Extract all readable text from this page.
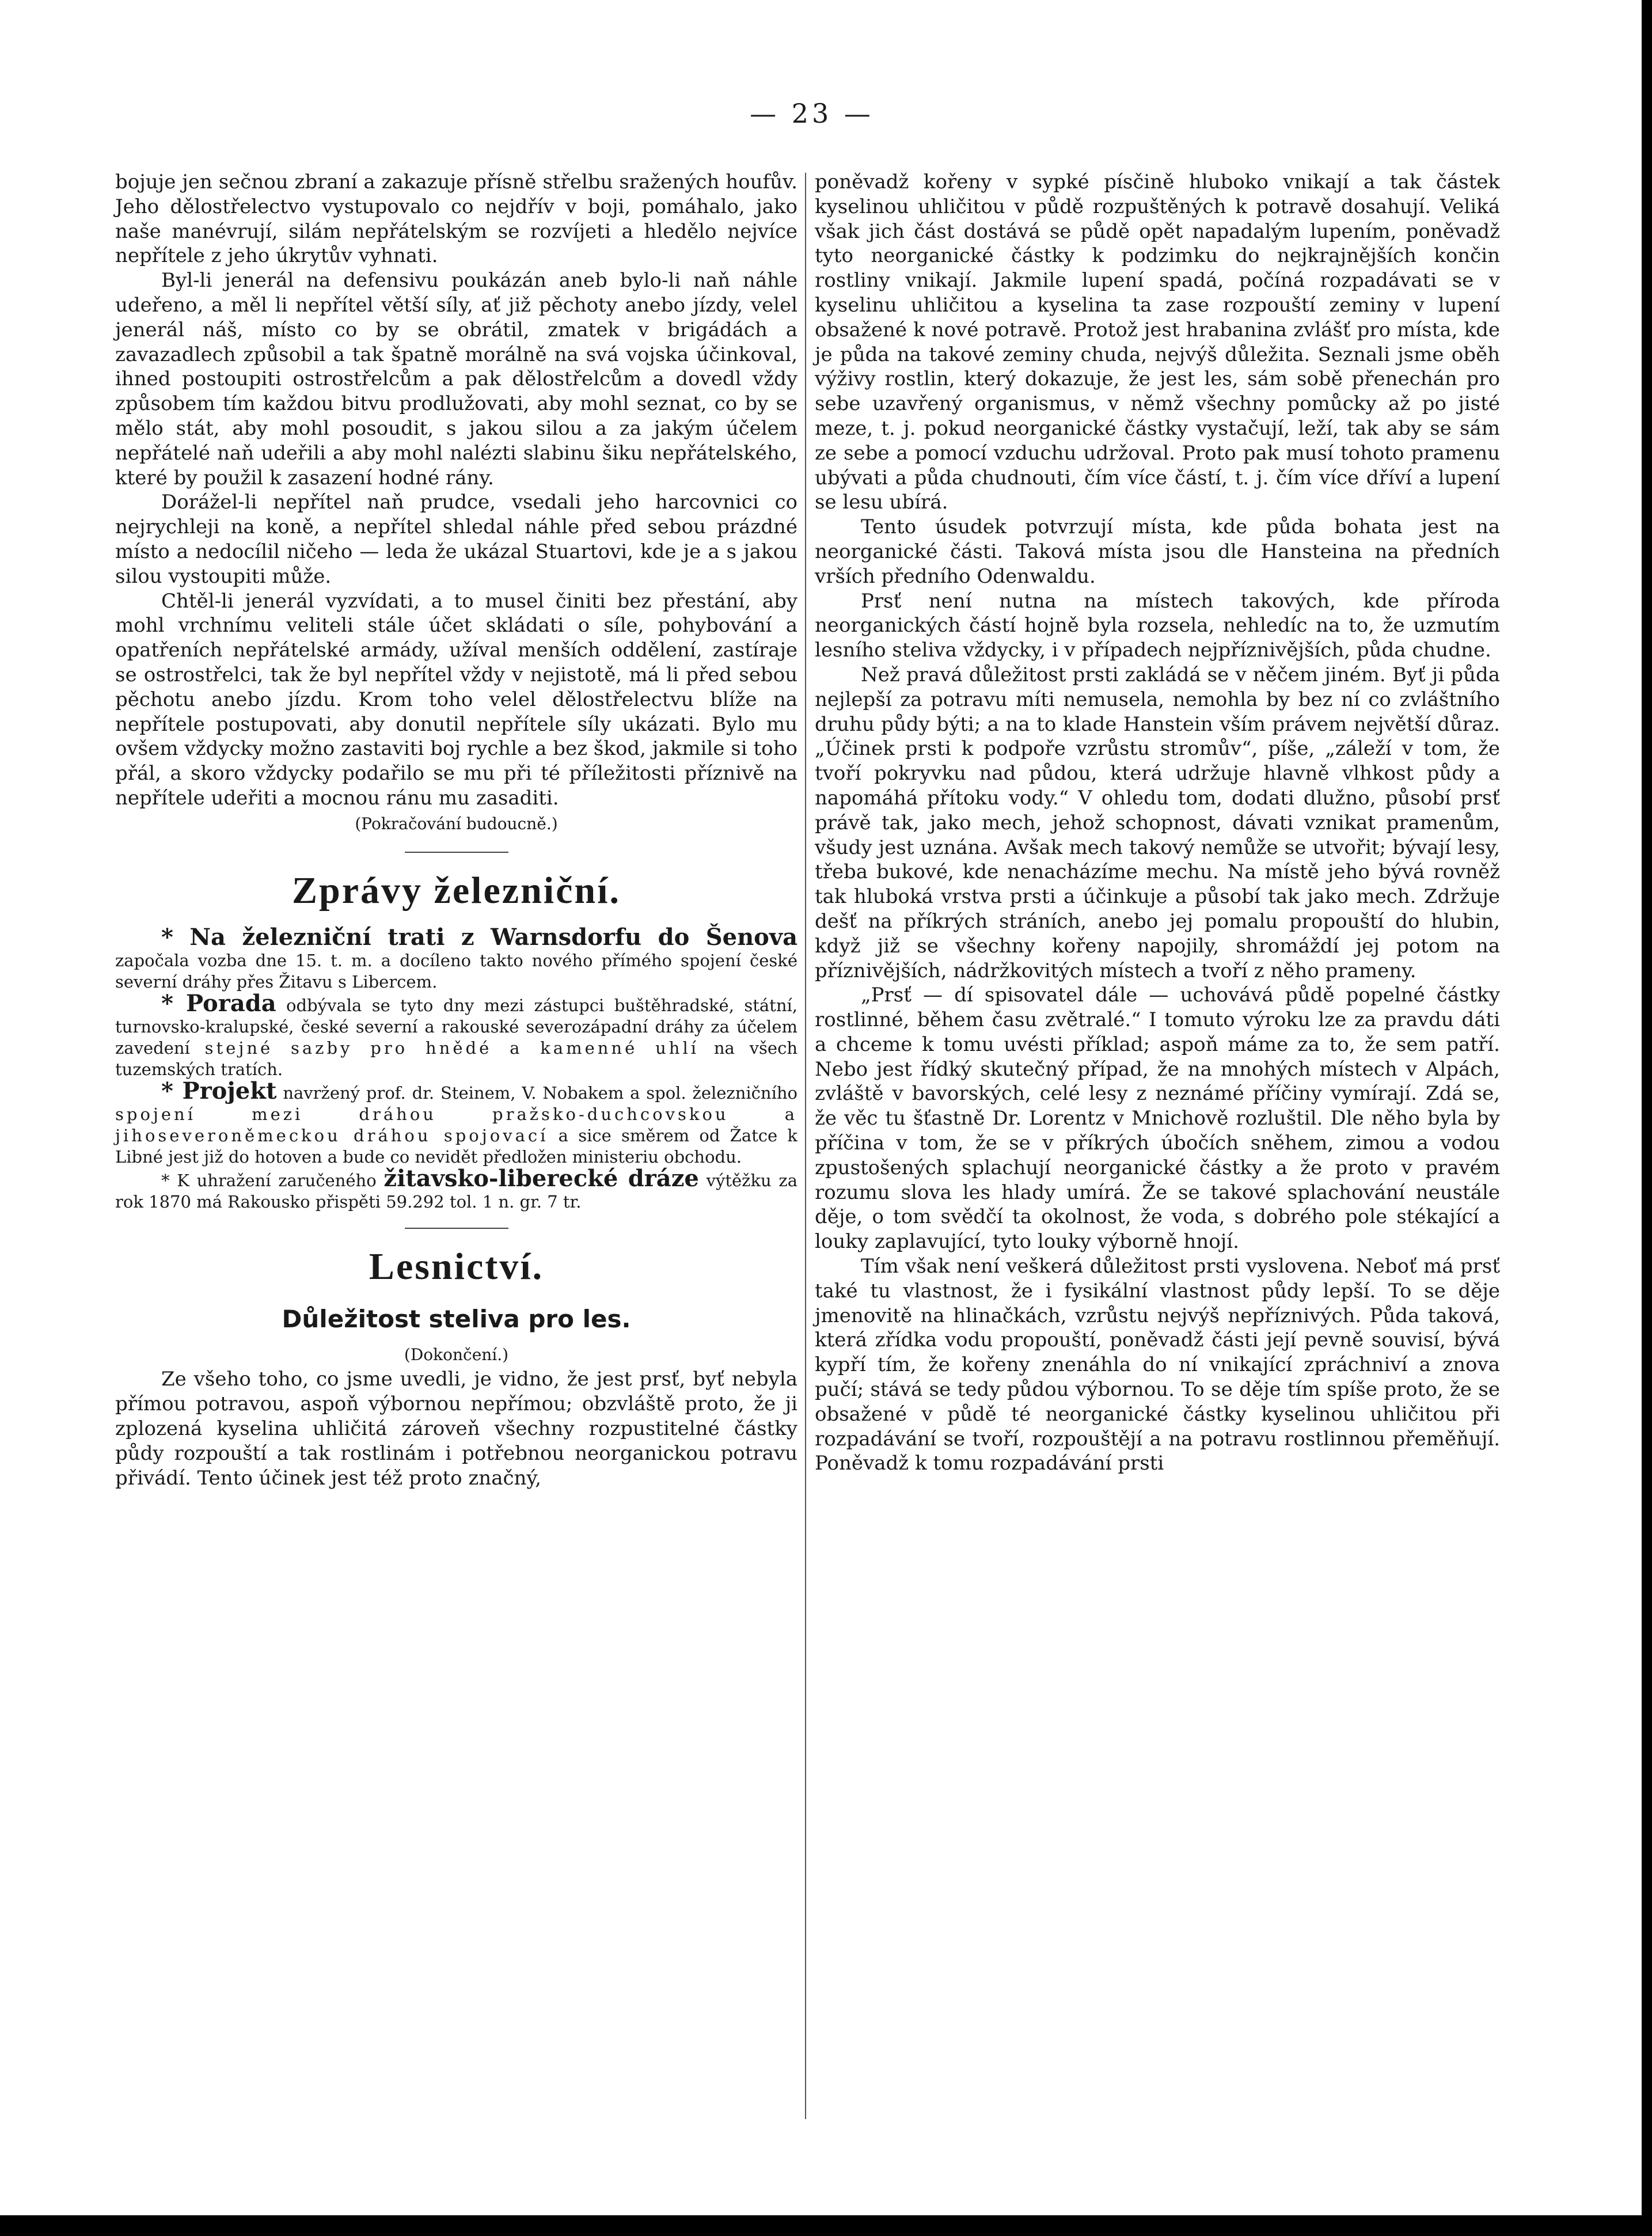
— 23 —

bojuje jen sečnou zbraní a zakazuje přísně střelbu sražených houfův. Jeho dělostřelectvo vystupovalo co nejdřív v boji, pomáhalo, jako naše manévrují, silám nepřátelským se rozvíjeti a hledělo nejvíce nepřítele z jeho úkrytův vyhnati.

Byl-li jenerál na defensivu poukázán aneb bylo-li naň náhle udeřeno, a měl li nepřítel větší síly, ať již pěchoty anebo jízdy, velel jenerál náš, místo co by se obrátil, zmatek v brigádách a zavazadlech způsobil a tak špatně morálně na svá vojska účinkoval, ihned postoupiti ostrostřelcům a pak dělostřelcům a dovedl vždy způsobem tím každou bitvu prodlužovati, aby mohl seznat, co by se mělo stát, aby mohl posoudit, s jakou silou a za jakým účelem nepřátelé naň udeřili a aby mohl nalézti slabinu šiku nepřátelského, které by použil k zasazení hodné rány.

Dorážel-li nepřítel naň prudce, vsedali jeho harcovnici co nejrychleji na koně, a nepřítel shledal náhle před sebou prázdné místo a nedocílil ničeho — leda že ukázal Stuartovi, kde je a s jakou silou vystoupiti může.

Chtěl-li jenerál vyzvídati, a to musel činiti bez přestání, aby mohl vrchnímu veliteli stále účet skládati o síle, pohybování a opatřeních nepřátelské armády, užíval menších oddělení, zastíraje se ostrostřelci, tak že byl nepřítel vždy v nejistotě, má li před sebou pěchotu anebo jízdu. Krom toho velel dělostřelectvu blíže na nepřítele postupovati, aby donutil nepřítele síly ukázati. Bylo mu ovšem vždycky možno zastaviti boj rychle a bez škod, jakmile si toho přál, a skoro vždycky podařilo se mu při té příležitosti příznivě na nepřítele udeřiti a mocnou ránu mu zasaditi.

(Pokračování budoucně.)

Zprávy železniční.

* Na železniční trati z Warnsdorfu do Šenova započala vozba dne 15. t. m. a docíleno takto nového přímého spojení české severní dráhy přes Žitavu s Libercem.

* Porada odbývala se tyto dny mezi zástupci buštěhradské, státní, turnovsko-kralupské, české severní a rakouské severozápadní dráhy za účelem zavedení stejné sazby pro hnědé a kamenné uhlí na všech tuzemských tratích.

* Projekt navržený prof. dr. Steinem, V. Nobakem a spol. železničního spojení mezi dráhou pražsko-duchcovskou a jihoseveroněmeckou dráhou spojovací a sice směrem od Žatce k Libné jest již do hotoven a bude co nevidět předložen ministeriu obchodu.

* K uhražení zaručeného žitavsko-liberecké dráze výtěžku za rok 1870 má Rakousko přispěti 59.292 tol. 1 n. gr. 7 tr.

Lesnictví.

Důležitost steliva pro les.

(Dokončení.)

Ze všeho toho, co jsme uvedli, je vidno, že jest prsť, byť nebyla přímou potravou, aspoň výbornou nepřímou; obzvláště proto, že ji zplozená kyselina uhličitá zároveň všechny rozpustitelné částky půdy rozpouští a tak rostlinám i potřebnou neorganickou potravu přivádí. Tento účinek jest též proto značný,

poněvadž kořeny v sypké písčině hluboko vnikají a tak částek kyselinou uhličitou v půdě rozpuštěných k potravě dosahují. Veliká však jich část dostává se půdě opět napadalým lupením, poněvadž tyto neorganické částky k podzimku do nejkrajnějších končin rostliny vnikají. Jakmile lupení spadá, počíná rozpadávati se v kyselinu uhličitou a kyselina ta zase rozpouští zeminy v lupení obsažené k nové potravě. Protož jest hrabanina zvlášť pro místa, kde je půda na takové zeminy chuda, nejvýš důležita. Seznali jsme oběh výživy rostlin, který dokazuje, že jest les, sám sobě přenechán pro sebe uzavřený organismus, v němž všechny pomůcky až po jisté meze, t. j. pokud neorganické částky vystačují, leží, tak aby se sám ze sebe a pomocí vzduchu udržoval. Proto pak musí tohoto pramenu ubývati a půda chudnouti, čím více částí, t. j. čím více dříví a lupení se lesu ubírá.

Tento úsudek potvrzují místa, kde půda bohata jest na neorganické části. Taková místa jsou dle Hansteina na předních vrších předního Odenwaldu.

Prsť není nutna na místech takových, kde příroda neorganických částí hojně byla rozsela, nehledíc na to, že uzmutím lesního steliva vždycky, i v případech nejpříznivějších, půda chudne.

Než pravá důležitost prsti zakládá se v něčem jiném. Byť ji půda nejlepší za potravu míti nemusela, nemohla by bez ní co zvláštního druhu půdy býti; a na to klade Hanstein vším právem největší důraz. „Účinek prsti k podpoře vzrůstu stromův“, píše, „záleží v tom, že tvoří pokryvku nad půdou, která udržuje hlavně vlhkost půdy a napomáhá přítoku vody.“ V ohledu tom, dodati dlužno, působí prsť právě tak, jako mech, jehož schopnost, dávati vznikat pramenům, všudy jest uznána. Avšak mech takový nemůže se utvořit; bývají lesy, třeba bukové, kde nenacházíme mechu. Na místě jeho bývá rovněž tak hluboká vrstva prsti a účinkuje a působí tak jako mech. Zdržuje dešť na příkrých stráních, anebo jej pomalu propouští do hlubin, když již se všechny kořeny napojily, shromáždí jej potom na příznivějších, nádržkovitých místech a tvoří z něho prameny.

„Prsť — dí spisovatel dále — uchovává půdě popelné částky rostlinné, během času zvětralé.“ I tomuto výroku lze za pravdu dáti a chceme k tomu uvésti příklad; aspoň máme za to, že sem patří. Nebo jest řídký skutečný případ, že na mnohých místech v Alpách, zvláště v bavorských, celé lesy z neznámé příčiny vymírají. Zdá se, že věc tu šťastně Dr. Lorentz v Mnichově rozluštil. Dle něho byla by příčina v tom, že se v příkrých úbočích sněhem, zimou a vodou zpustošených splachují neorganické částky a že proto v pravém rozumu slova les hlady umírá. Že se takové splachování neustále děje, o tom svědčí ta okolnost, že voda, s dobrého pole stékající a louky zaplavující, tyto louky výborně hnojí.

Tím však není veškerá důležitost prsti vyslovena. Neboť má prsť také tu vlastnost, že i fysikální vlastnost půdy lepší. To se děje jmenovitě na hlinačkách, vzrůstu nejvýš nepříznivých. Půda taková, která zřídka vodu propouští, poněvadž části její pevně souvisí, bývá kypří tím, že kořeny znenáhla do ní vnikající zpráchniví a znova pučí; stává se tedy půdou výbornou. To se děje tím spíše proto, že se obsažené v půdě té neorganické částky kyselinou uhličitou při rozpadávání se tvoří, rozpouštějí a na potravu rostlinnou přeměňují. Poněvadž k tomu rozpadávání prsti
